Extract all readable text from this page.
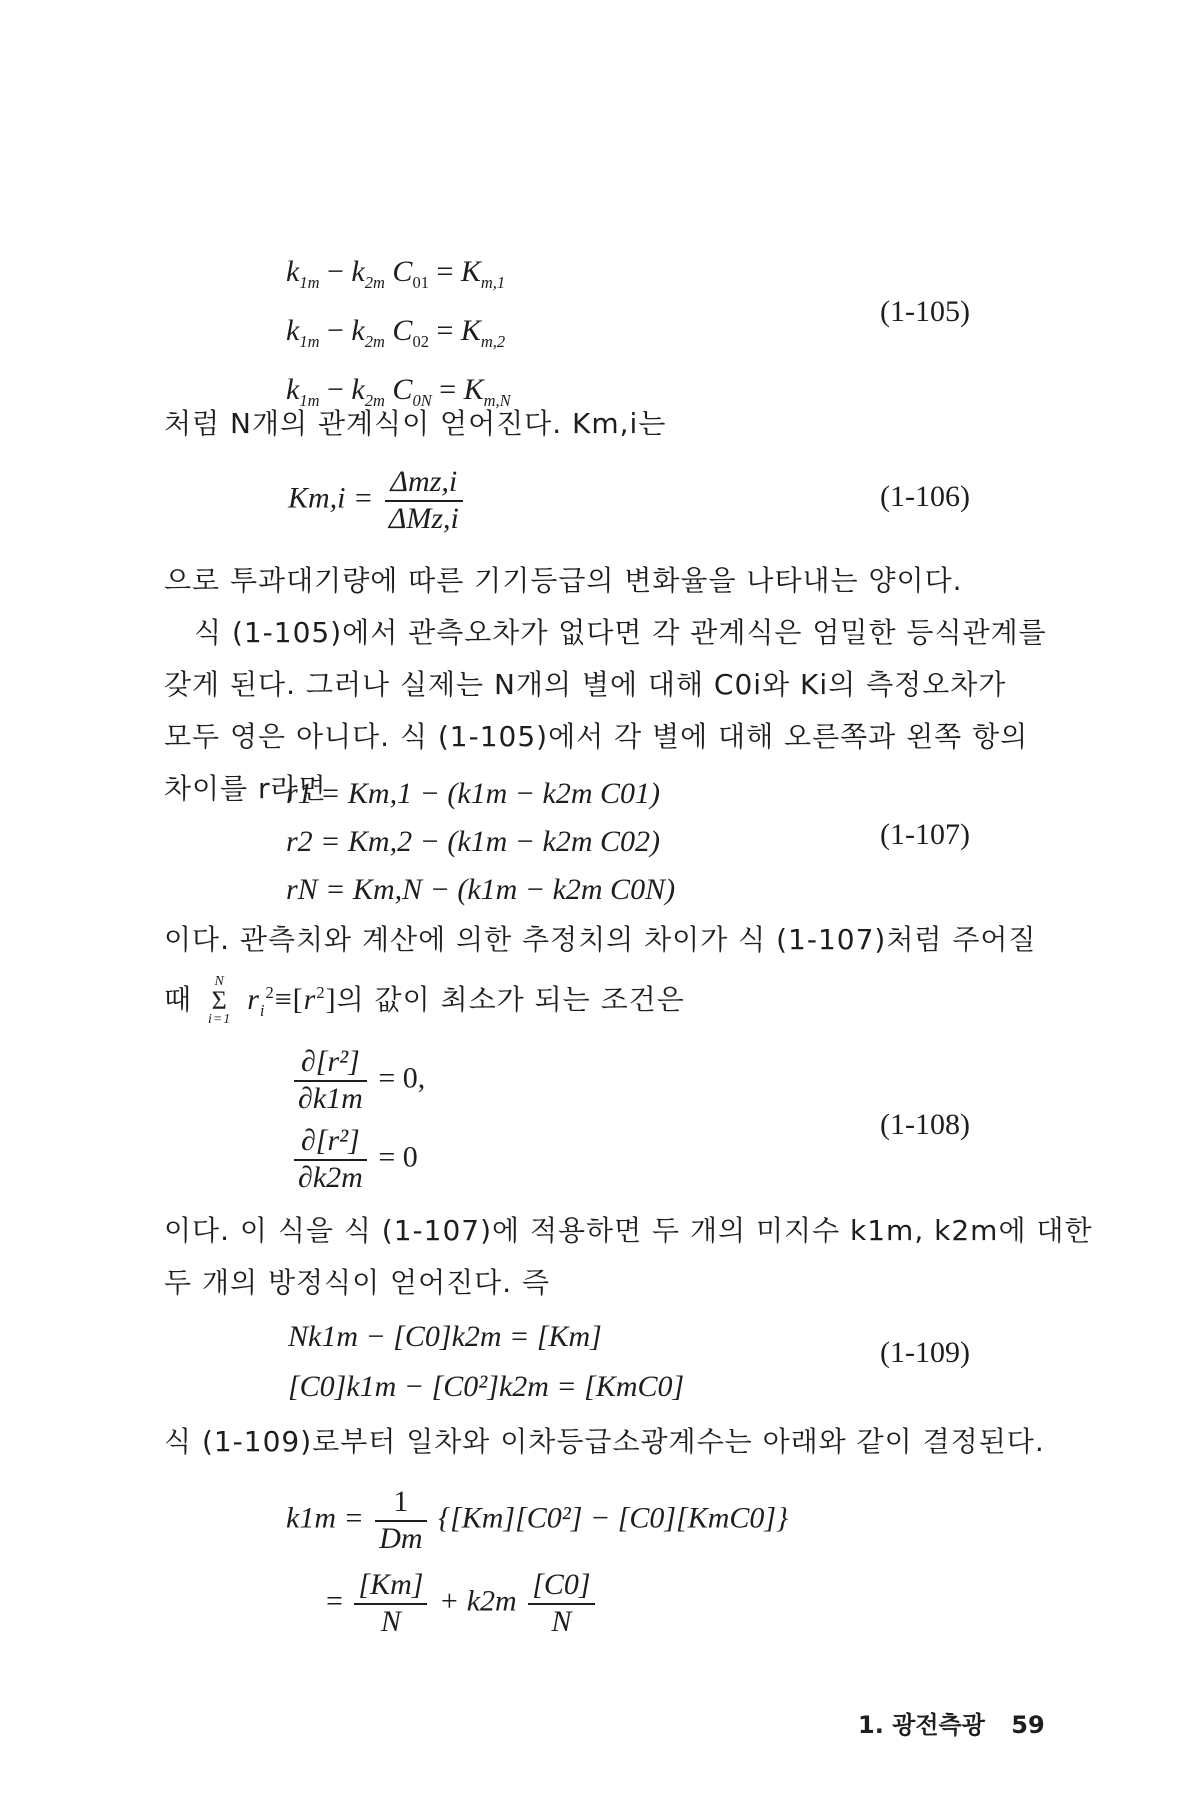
$k_{1m} - k_{2m}$ $C_{01} = K_{m,1}$
$k_{1m} - k_{2m}$ $C_{02} = K_{m,2}$
$k_{1m} - k_{2m}$ $C_{0N} = K_{m,N}$
(1-105)
처럼 N개의 관계식이 얻어진다. Km,i는
$Km,i = \frac{\text{Δmz,i}}{\text{ΔMz,i}}$	(1-106)
으로 투과대기량에 따른 기기등급의 변화율을 나타내는 양이다.
식 (1-105)에서 관측오차가 없다면 각 관계식은 엄밀한 등식관계를
갖게 된다. 그러나 실제는 N개의 별에 대해 C0i와 Ki의 측정오차가
모두 영은 아니다. 식 (1-105)에서 각 별에 대해 오른쪽과 왼쪽 항의
차이를 r라면
r1 = Km,1 − (k1m − k2m C01)
r2 = Km,2 − (k1m − k2m C02)
rN = Km,N − (k1m − k2m C0N)
(1-107)
이다. 관측치와 계산에 의한 추정치의 차이가 식 (1-107)처럼 주어질
때
N
Σ
i=1
$r_i^2\equiv[r^2]$의 값이 최소가 되는 조건은
$\frac{\text{∂[r²]}}{\partial k1m} = 0$,
$\frac{\text{∂[r²]}}{\partial k2m} = 0$
(1-108)
이다. 이 식을 식 (1-107)에 적용하면 두 개의 미지수 k1m, k2m에 대한
두 개의 방정식이 얻어진다. 즉
Nk1m − [C0]k2m = [Km]
[C0]k1m − [C0²]k2m = [KmC0]
(1-109)
식 (1-109)로부터 일차와 이차등급소광계수는 아래와 같이 결정된다.
$k1m = \frac{1}{Dm} \{[Km][C0^2] - [C0][KmC0]\}$
= $\frac{[Km]}{N} + k2m \frac{[C0]}{N}$
1. 광전측광 59
